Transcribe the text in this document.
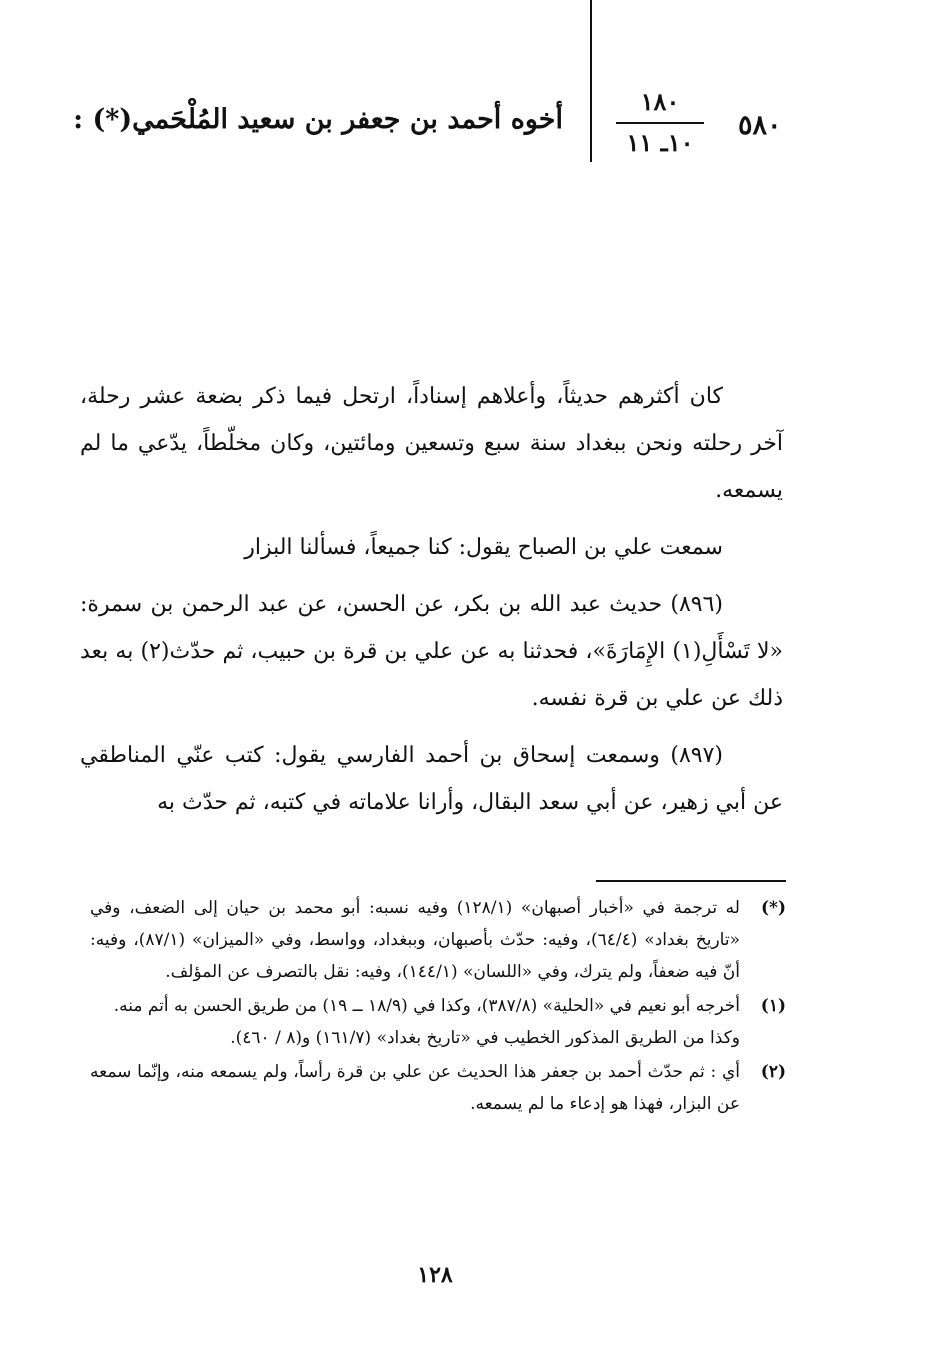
٥٨٠
١٨٠
١٠ـ ١١
أخوه أحمد بن جعفر بن سعيد المُلْحَمي(*) :

كان أكثرهم حديثاً، وأعلاهم إسناداً، ارتحل فيما ذكر بضعة عشر رحلة، آخر رحلته ونحن ببغداد سنة سبع وتسعين ومائتين، وكان مخلّطاً، يدّعي ما لم يسمعه.

سمعت علي بن الصباح يقول: كنا جميعاً، فسألنا البزار

(٨٩٦) حديث عبد الله بن بكر، عن الحسن، عن عبد الرحمن بن سمرة: «لا تَسْأَلِ(١) الإِمَارَةَ»، فحدثنا به عن علي بن قرة بن حبيب، ثم حدّث(٢) به بعد ذلك عن علي بن قرة نفسه.

(٨٩٧) وسمعت إسحاق بن أحمد الفارسي يقول: كتب عنّي المناطقي عن أبي زهير، عن أبي سعد البقال، وأرانا علاماته في كتبه، ثم حدّث به

(*)
له ترجمة في «أخبار أصبهان» (١٢٨/١) وفيه نسبه: أبو محمد بن حيان إلى الضعف، وفي «تاريخ بغداد» (٦٤/٤)، وفيه: حدّث بأصبهان، وببغداد، وواسط، وفي «الميزان» (٨٧/١)، وفيه: أنّ فيه ضعفاً، ولم يترك، وفي «اللسان» (١٤٤/١)، وفيه: نقل بالتصرف عن المؤلف.
(١)
أخرجه أبو نعيم في «الحلية» (٣٨٧/٨)، وكذا في (١٨/٩ ــ ١٩) من طريق الحسن به أتم منه.
وكذا من الطريق المذكور الخطيب في «تاريخ بغداد» (١٦١/٧) و(٨ / ٤٦٠).
(٢)
أي : ثم حدّث أحمد بن جعفر هذا الحديث عن علي بن قرة رأساً، ولم يسمعه منه، وإنّما سمعه عن البزار، فهذا هو إدعاء ما لم يسمعه.
١٢٨
